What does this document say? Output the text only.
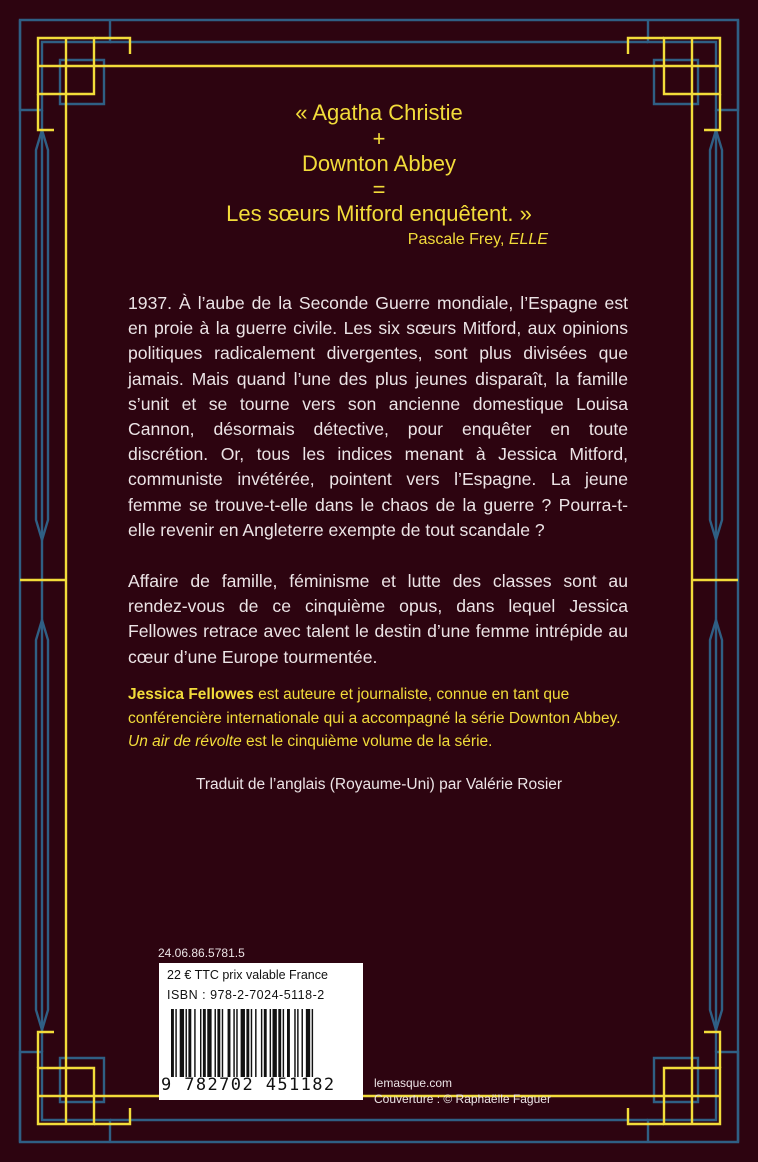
« Agatha Christie
+
Downton Abbey
=
Les sœurs Mitford enquêtent. »
Pascale Frey, ELLE
1937. À l’aube de la Seconde Guerre mondiale, l’Espagne est en proie à la guerre civile. Les six sœurs Mitford, aux opinions politiques radicalement divergentes, sont plus divisées que jamais. Mais quand l’une des plus jeunes disparaît, la famille s’unit et se tourne vers son ancienne domestique Louisa Cannon, désormais détective, pour enquêter en toute discrétion. Or, tous les indices menant à Jessica Mitford, communiste invétérée, pointent vers l’Espagne. La jeune femme se trouve-t-elle dans le chaos de la guerre ? Pourra-t-elle revenir en Angleterre exempte de tout scandale ?
Affaire de famille, féminisme et lutte des classes sont au rendez-vous de ce cinquième opus, dans lequel Jessica Fellowes retrace avec talent le destin d’une femme intrépide au cœur d’une Europe tourmentée.
Jessica Fellowes est auteure et journaliste, connue en tant que conférencière internationale qui a accompagné la série Downton Abbey. Un air de révolte est le cinquième volume de la série.
Traduit de l’anglais (Royaume-Uni) par Valérie Rosier
24.06.86.5781.5
22 € TTC prix valable France
ISBN : 978-2-7024-5118-2
9 782702 451182	lemasque.com
Couverture : © Raphaëlle Faguer
